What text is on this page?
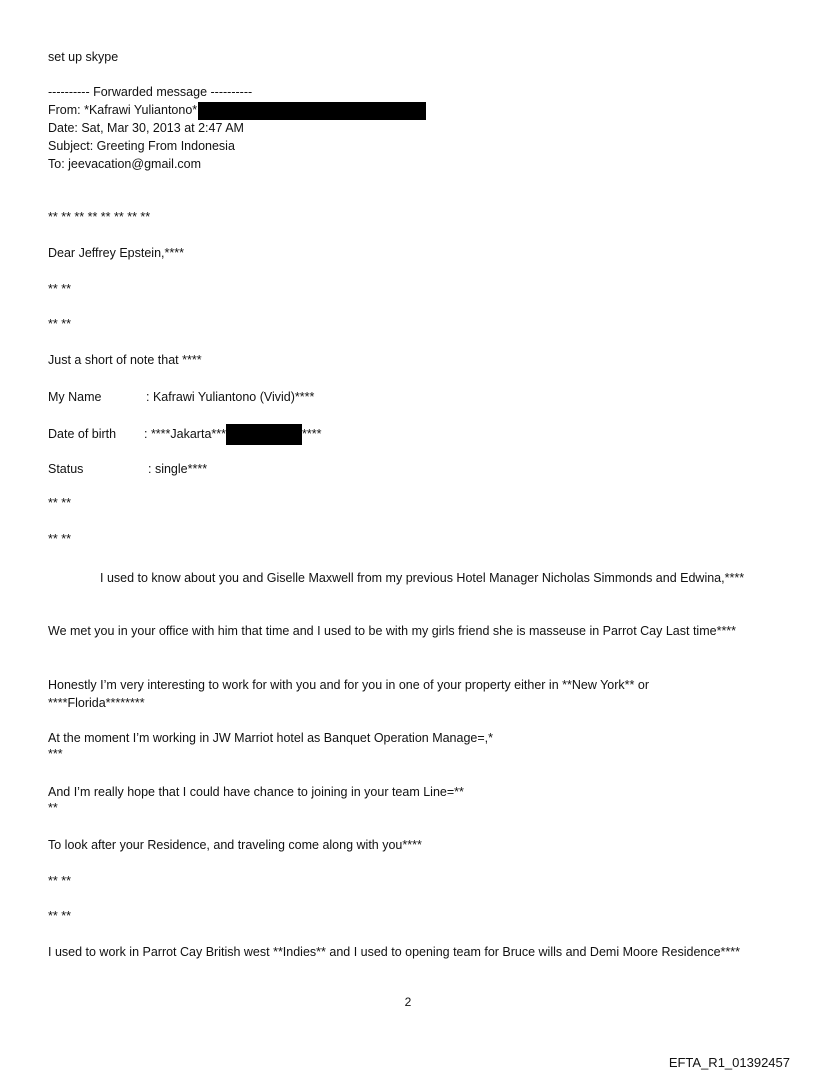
set up skype

---------- Forwarded message ----------

From: *Kafrawi Yuliantono*

Date: Sat, Mar 30, 2013 at 2:47 AM

Subject: Greeting From Indonesia

To: jeevacation@gmail.com

** ** ** ** ** ** ** **

Dear Jeffrey Epstein,****

** **

** **

Just a short of note that ****

My Name	: Kafrawi Yuliantono (Vivid)****

Date of birth : ****Jakarta***	****

Status	: single****

** **

** **

I used to know about you and Giselle Maxwell from my previous Hotel Manager Nicholas Simmonds and Edwina,****

We met you in your office with him that time and I used to be with my girls friend she is masseuse in Parrot Cay Last time****

Honestly I’m very interesting to work for with you and for you in one of your property either in **New York** or ****Florida********

At the moment I’m working in JW Marriot hotel as Banquet Operation Manage=,*

***

And I’m really hope that I could have chance to joining in your team Line=**

**

To look after your Residence, and traveling come along with you****

** **

** **

I used to work in Parrot Cay British west **Indies** and I used to opening team for Bruce wills and Demi Moore Residence****

2
EFTA_R1_01392457
